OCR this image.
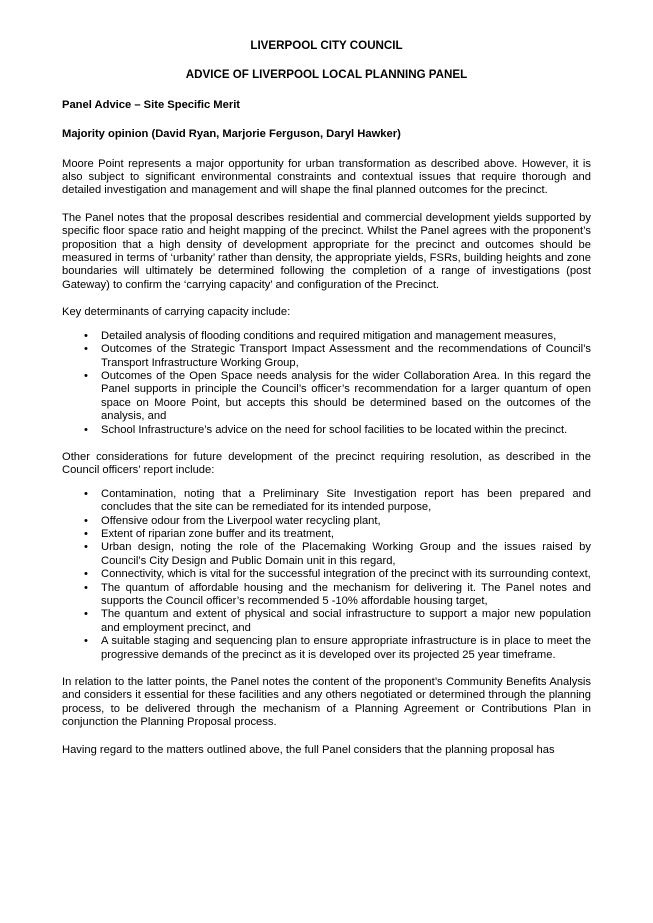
LIVERPOOL CITY COUNCIL
ADVICE OF LIVERPOOL LOCAL PLANNING PANEL
Panel Advice – Site Specific Merit
Majority opinion (David Ryan, Marjorie Ferguson, Daryl Hawker)

Moore Point represents a major opportunity for urban transformation as described above. However, it is also subject to significant environmental constraints and contextual issues that require thorough and detailed investigation and management and will shape the final planned outcomes for the precinct.

The Panel notes that the proposal describes residential and commercial development yields supported by specific floor space ratio and height mapping of the precinct. Whilst the Panel agrees with the proponent’s proposition that a high density of development appropriate for the precinct and outcomes should be measured in terms of ‘urbanity’ rather than density, the appropriate yields, FSRs, building heights and zone boundaries will ultimately be determined following the completion of a range of investigations (post Gateway) to confirm the ‘carrying capacity’ and configuration of the Precinct.

Key determinants of carrying capacity include:

•	Detailed analysis of flooding conditions and required mitigation and management measures,
•	Outcomes of the Strategic Transport Impact Assessment and the recommendations of Council’s Transport Infrastructure Working Group,
•	Outcomes of the Open Space needs analysis for the wider Collaboration Area. In this regard the Panel supports in principle the Council’s officer’s recommendation for a larger quantum of open space on Moore Point, but accepts this should be determined based on the outcomes of the analysis, and
•	School Infrastructure’s advice on the need for school facilities to be located within the precinct.

Other considerations for future development of the precinct requiring resolution, as described in the Council officers’ report include:

•	Contamination, noting that a Preliminary Site Investigation report has been prepared and concludes that the site can be remediated for its intended purpose,
•	Offensive odour from the Liverpool water recycling plant,
•	Extent of riparian zone buffer and its treatment,
•	Urban design, noting the role of the Placemaking Working Group and the issues raised by Council’s City Design and Public Domain unit in this regard,
•	Connectivity, which is vital for the successful integration of the precinct with its surrounding context,
•	The quantum of affordable housing and the mechanism for delivering it. The Panel notes and supports the Council officer’s recommended 5 -10% affordable housing target,
•	The quantum and extent of physical and social infrastructure to support a major new population and employment precinct, and
•	A suitable staging and sequencing plan to ensure appropriate infrastructure is in place to meet the progressive demands of the precinct as it is developed over its projected 25 year timeframe.

In relation to the latter points, the Panel notes the content of the proponent’s Community Benefits Analysis and considers it essential for these facilities and any others negotiated or determined through the planning process, to be delivered through the mechanism of a Planning Agreement or Contributions Plan in conjunction the Planning Proposal process.

Having regard to the matters outlined above, the full Panel considers that the planning proposal has
